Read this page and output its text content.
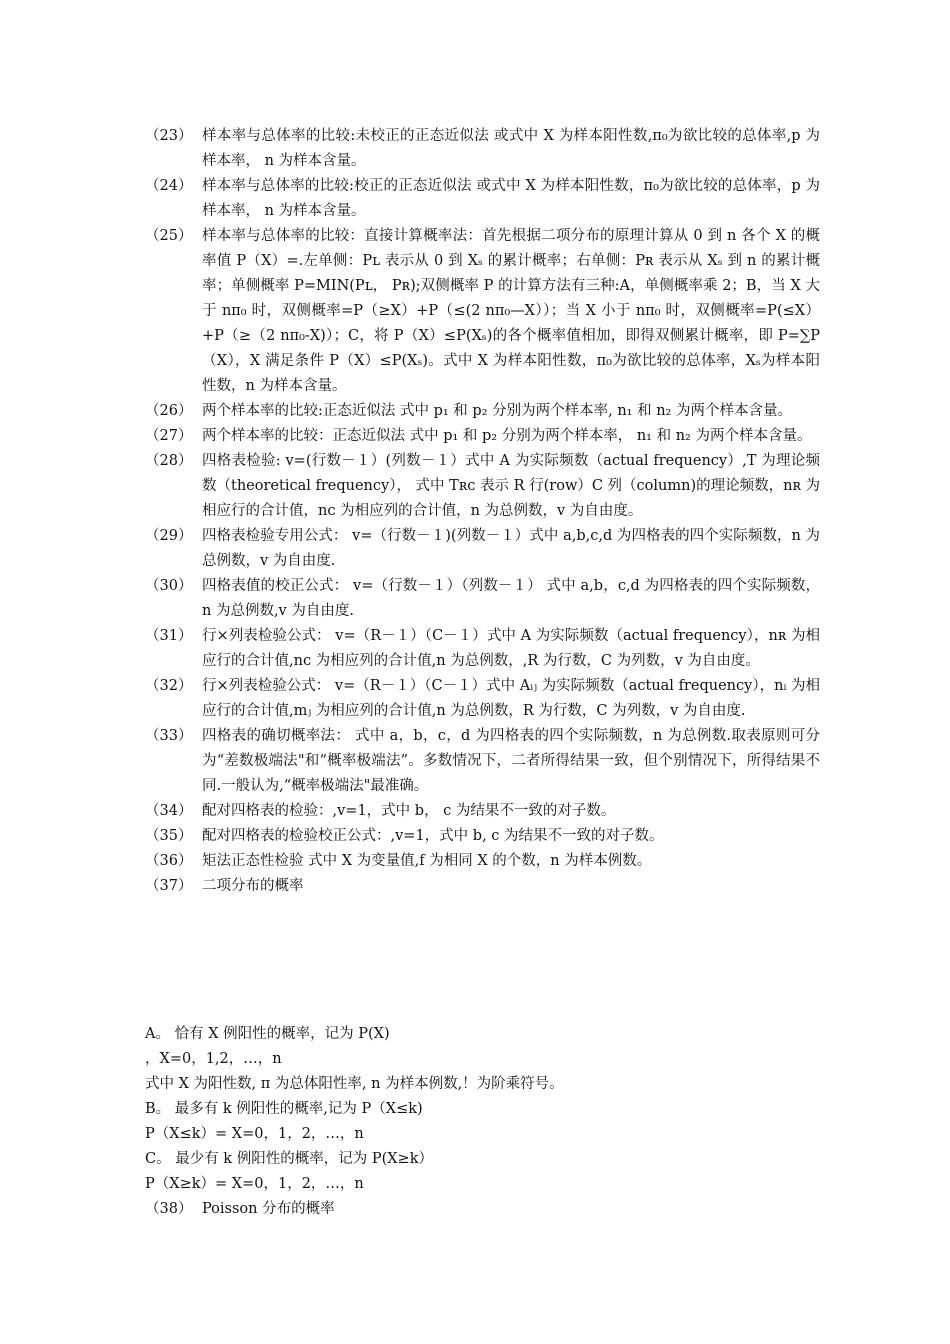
（23） 样本率与总体率的比较:未校正的正态近似法 或式中 X 为样本阳性数,π₀为欲比较的总体率,p 为样本率， n 为样本含量。
（24） 样本率与总体率的比较:校正的正态近似法 或式中 X 为样本阳性数，π₀为欲比较的总体率，p 为样本率， n 为样本含量。
（25） 样本率与总体率的比较：直接计算概率法：首先根据二项分布的原理计算从 0 到 n 各个 X 的概率值 P（X）=.左单侧：Pʟ 表示从 0 到 Xₛ 的累计概率；右单侧：Pʀ 表示从 Xₛ 到 n 的累计概率；单侧概率 P=MIN(Pʟ， Pʀ);双侧概率 P 的计算方法有三种:A，单侧概率乘 2；B，当 X 大于 nπ₀ 时，双侧概率=P（≥X）+P（≤(2 nπ₀—X））；当 X 小于 nπ₀ 时，双侧概率=P(≤X）+P（≥（2 nπ₀-X)）；C，将 P（X）≤P(Xₛ)的各个概率值相加，即得双侧累计概率，即 P=∑P（X），X 满足条件 P（X）≤P(Xₛ)。式中 X 为样本阳性数，π₀为欲比较的总体率，Xₛ为样本阳性数，n 为样本含量。
（26） 两个样本率的比较:正态近似法 式中 p₁ 和 p₂ 分别为两个样本率, n₁ 和 n₂ 为两个样本含量。
（27） 两个样本率的比较：正态近似法 式中 p₁ 和 p₂ 分别为两个样本率， n₁ 和 n₂ 为两个样本含量。
（28） 四格表检验: v=(行数－１）(列数－１）式中 A 为实际频数（actual frequency）,T 为理论频数（theoretical frequency）， 式中 Tʀᴄ 表示 R 行(row）C 列（column)的理论频数，nʀ 为相应行的合计值，nᴄ 为相应列的合计值，n 为总例数，v 为自由度。
（29） 四格表检验专用公式： v=（行数－１)(列数－１）式中 a,b,c,d 为四格表的四个实际频数，n 为总例数，v 为自由度.
（30） 四格表值的校正公式： v=（行数－１）（列数－１） 式中 a,b，c,d 为四格表的四个实际频数，n 为总例数,v 为自由度.
（31） 行×列表检验公式： v=（R－１）（C－１）式中 A 为实际频数（actual frequency），nʀ 为相应行的合计值,nᴄ 为相应列的合计值,n 为总例数，,R 为行数，C 为列数，v 为自由度。
（32） 行×列表检验公式： v=（R－１）（C－１）式中 Aᵢⱼ 为实际频数（actual frequency），nᵢ 为相应行的合计值,mⱼ 为相应列的合计值,n 为总例数，R 为行数，C 为列数，v 为自由度.
（33） 四格表的确切概率法： 式中 a，b，c，d 为四格表的四个实际频数，n 为总例数.取表原则可分为“差数极端法"和“概率极端法”。多数情况下，二者所得结果一致，但个别情况下，所得结果不同.一般认为,“概率极端法"最准确。
（34） 配对四格表的检验：,v=1，式中 b， c 为结果不一致的对子数。
（35） 配对四格表的检验校正公式：,v=1，式中 b, c 为结果不一致的对子数。
（36） 矩法正态性检验 式中 X 为变量值,f 为相同 X 的个数，n 为样本例数。
（37） 二项分布的概率
A。 恰有 X 例阳性的概率，记为 P(X)
，X=0，1,2，…，n
式中 X 为阳性数, π 为总体阳性率, n 为样本例数,！为阶乘符号。
B。 最多有 k 例阳性的概率,记为 P（X≤k)
P（X≤k）= X=0，1，2，…，n
C。 最少有 k 例阳性的概率，记为 P(X≥k）
P（X≥k）= X=0，1，2，…，n
（38） Poisson 分布的概率
